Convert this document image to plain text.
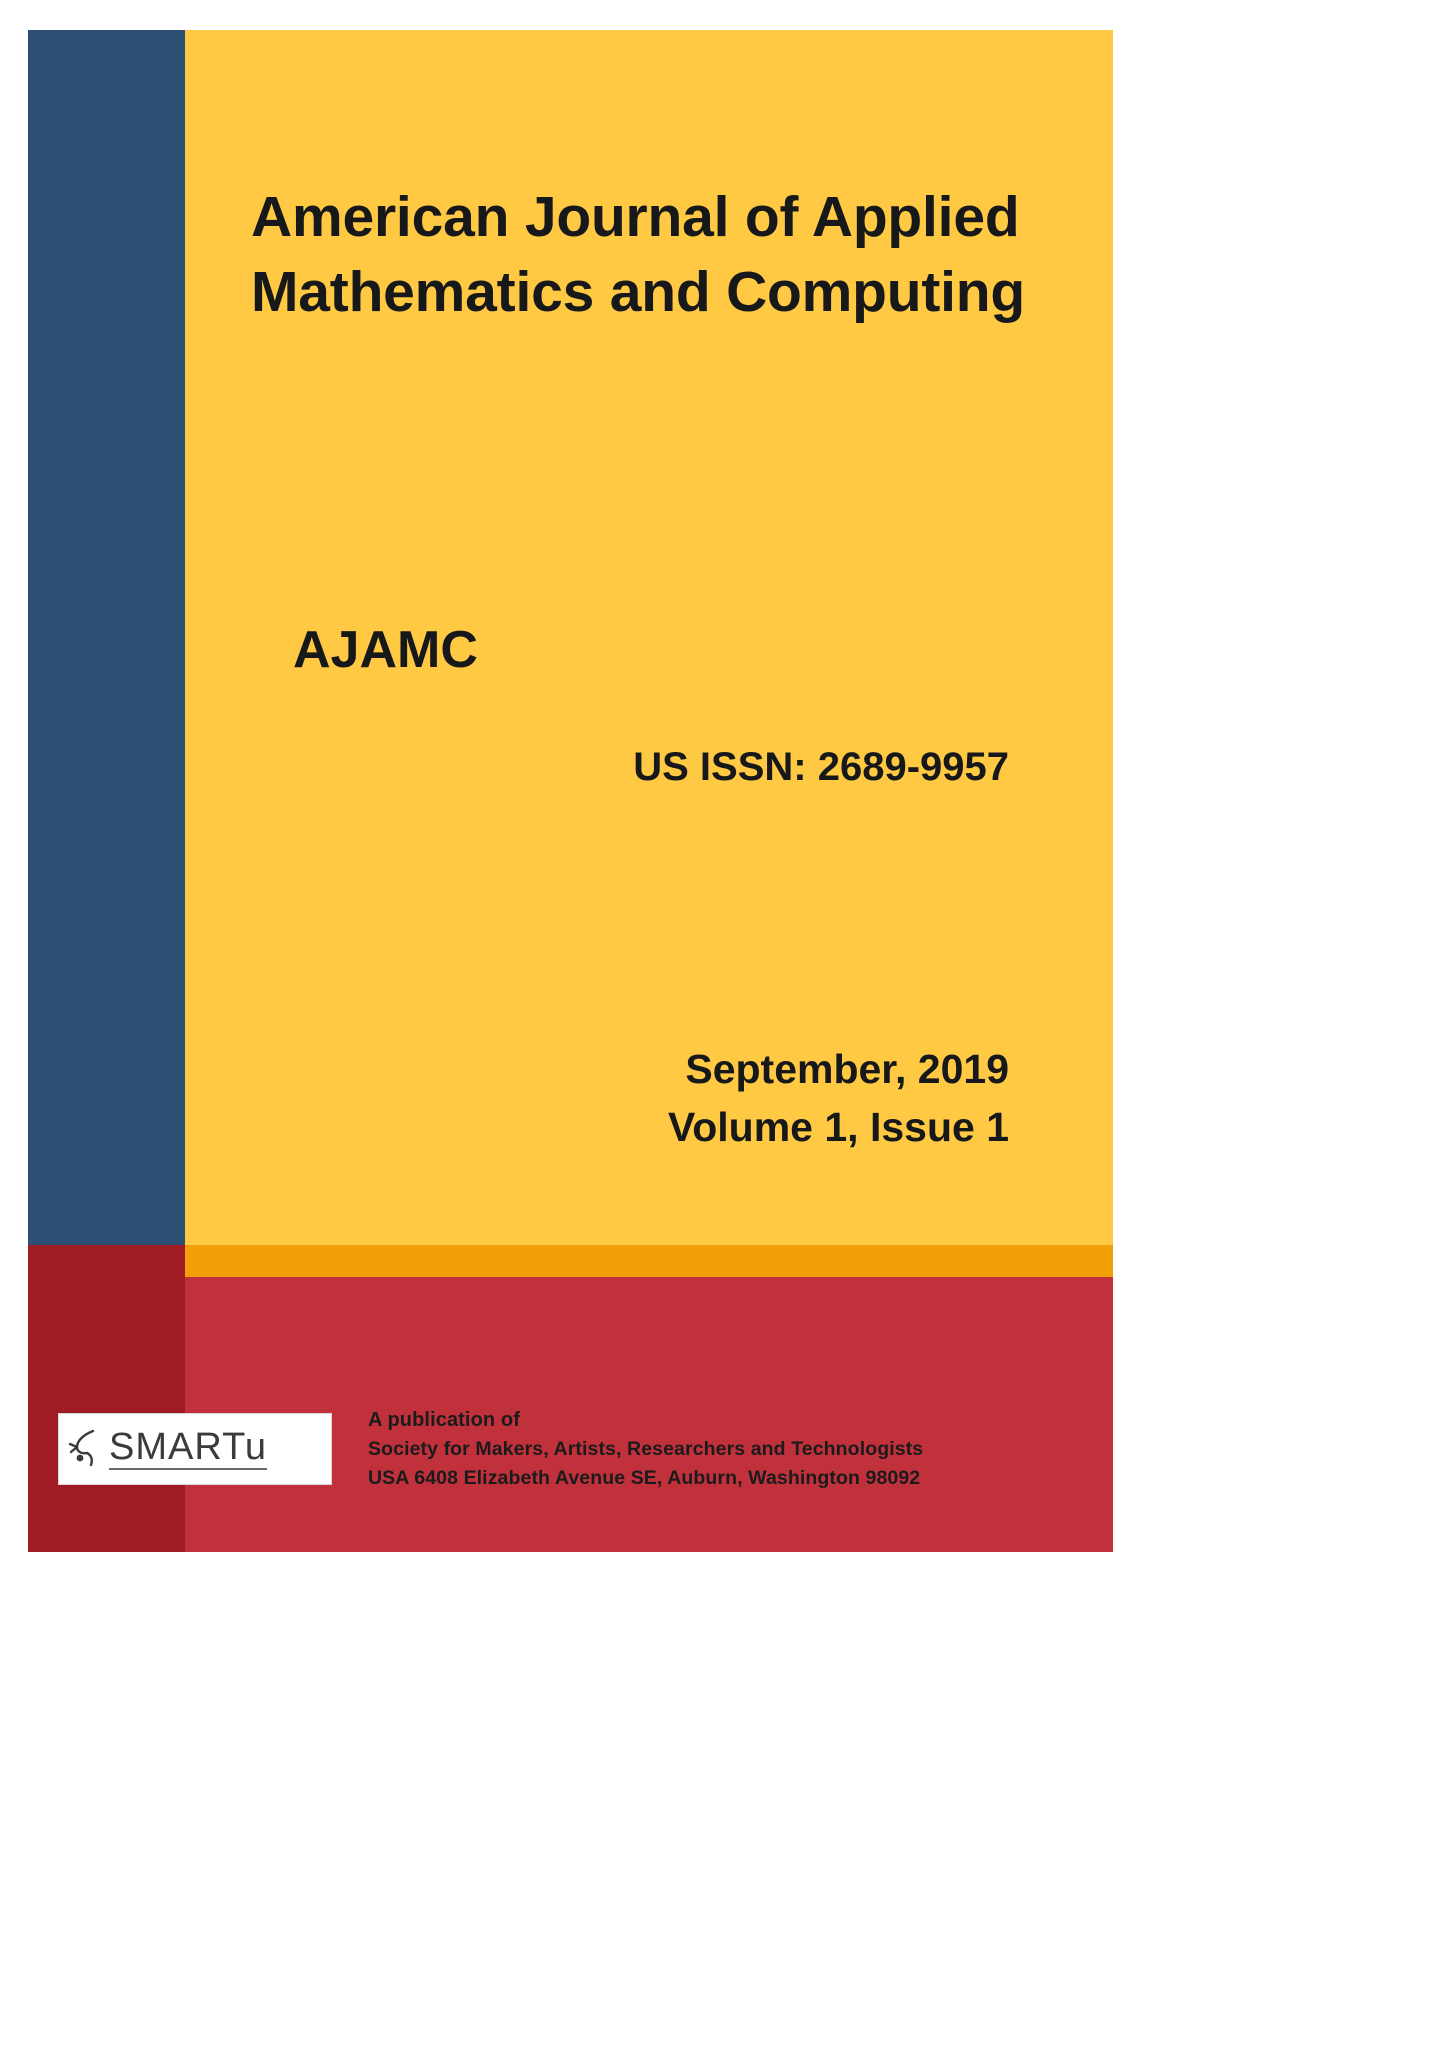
American Journal of Applied Mathematics and Computing
AJAMC
US ISSN: 2689-9957
September, 2019
Volume 1, Issue 1
SMARTu
A publication of
Society for Makers, Artists, Researchers and Technologists
USA 6408 Elizabeth Avenue SE, Auburn, Washington 98092
